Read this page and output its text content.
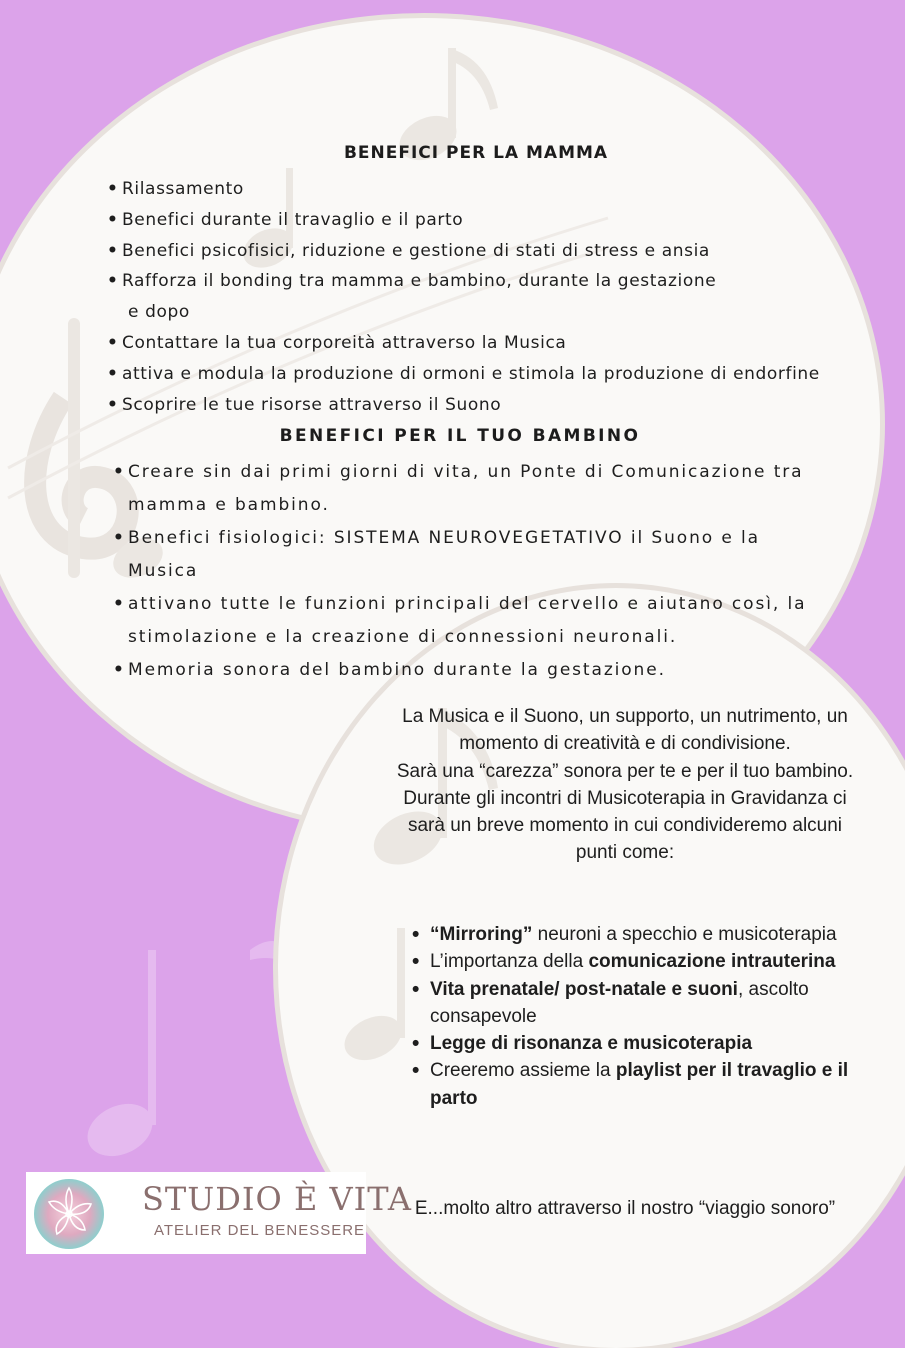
BENEFICI PER LA MAMMA
• Rilassamento
• Benefici durante il travaglio e il parto
• Benefici psicofisici, riduzione e gestione di stati di stress e ansia
• Rafforza il bonding tra mamma e bambino, durante la gestazione
e dopo
• Contattare la tua corporeità attraverso la Musica
• attiva e modula la produzione di ormoni e stimola la produzione di endorfine
• Scoprire le tue risorse attraverso il Suono
BENEFICI PER IL TUO BAMBINO
• Creare sin dai primi giorni di vita, un Ponte di Comunicazione tra mamma e bambino.
• Benefici fisiologici: SISTEMA NEUROVEGETATIVO il Suono e la Musica
• attivano tutte le funzioni principali del cervello e aiutano così, la stimolazione e la creazione di connessioni neuronali.
• Memoria sonora del bambino durante la gestazione.

La Musica e il Suono, un supporto, un nutrimento, un momento di creatività e di condivisione.

Sarà una “carezza” sonora per te e per il tuo bambino.

Durante gli incontri di Musicoterapia in Gravidanza ci sarà un breve momento in cui condivideremo alcuni punti come:

• “Mirroring” neuroni a specchio e musicoterapia
• L’importanza della comunicazione intrauterina
• Vita prenatale/ post-natale e suoni, ascolto consapevole
• Legge di risonanza e musicoterapia
• Creeremo assieme la playlist per il travaglio e il parto

E...molto altro attraverso il nostro “viaggio sonoro”

STUDIO È VITA
ATELIER DEL BENESSERE
